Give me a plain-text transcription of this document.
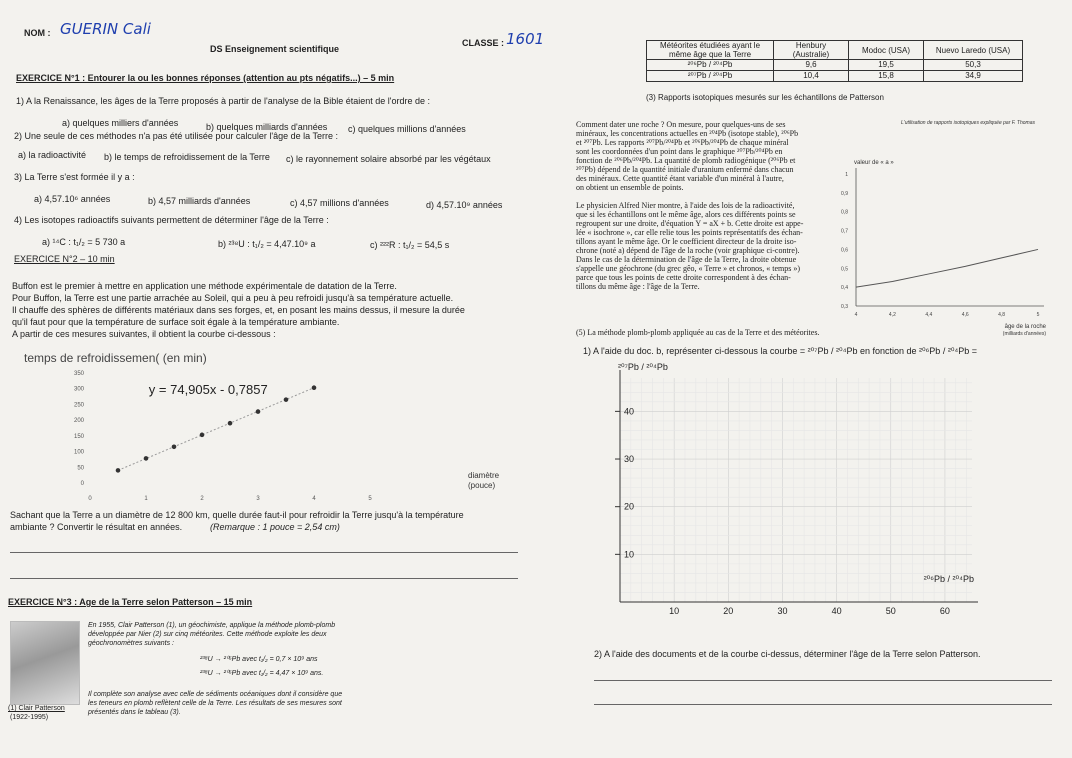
NOM : GUERIN Cali
DS Enseignement scientifique
CLASSE : 1601
EXERCICE N°1 : Entourer la ou les bonnes réponses (attention au pts négatifs...) – 5 min
1) A la Renaissance, les âges de la Terre proposés à partir de l'analyse de la Bible étaient de l'ordre de :
a) quelques milliers d'années	b) quelques milliards d'années c) quelques millions d'années
2) Une seule de ces méthodes n'a pas été utilisée pour calculer l'âge de la Terre :
a) la radioactivité b) le temps de refroidissement de la Terre c) le rayonnement solaire absorbé par les végétaux
3) La Terre s'est formée il y a :
a) 4,57.10⁶ années	b) 4,57 milliards d'années	c) 4,57 millions d'années	d) 4,57.10⁹ années
4) Les isotopes radioactifs suivants permettent de déterminer l'âge de la Terre :
a) ¹⁴C : t₁/₂ = 5 730 a	b) ²³⁸U : t₁/₂ = 4,47.10⁹ a	c) ²²²R : t₁/₂ = 54,5 s
EXERCICE N°2 – 10 min
Buffon est le premier à mettre en application une méthode expérimentale de datation de la Terre.
Pour Buffon, la Terre est une partie arrachée au Soleil, qui a peu à peu refroidi jusqu'à sa température actuelle.
Il chauffe des sphères de différents matériaux dans ses forges, et, en posant les mains dessus, il mesure la durée
qu'il faut pour que la température de surface soit égale à la température ambiante.
A partir de ces mesures suivantes, il obtient la courbe ci-dessous :
temps de refroidissemen( (en min)
0
50
100
150
200
250
300
350
0	1	2	3	4	5
y = 74,905x - 0,7857
diamètre
(pouce)
Sachant que la Terre a un diamètre de 12 800 km, quelle durée faut-il pour refroidir la Terre jusqu'à la température
ambiante ? Convertir le résultat en années.	(Remarque : 1 pouce = 2,54 cm)
EXERCICE N°3 : Age de la Terre selon Patterson – 15 min
(1) Clair Patterson
(1922-1995)
En 1955, Clair Patterson (1), un géochimiste, applique la méthode plomb-plomb
développée par Nier (2) sur cinq météorites. Cette méthode exploite les deux
géochronomètres suivants :
²³⁸U → ²⁰⁶Pb avec t₁/₂ = 0,7 × 10⁹ ans
²³⁸U → ²⁰⁶Pb avec t₁/₂ = 4,47 × 10⁹ ans.
Il complète son analyse avec celle de sédiments océaniques dont il considère que
les teneurs en plomb reflètent celle de la Terre. Les résultats de ses mesures sont
présentés dans le tableau (3).
Météorites étudiées ayant le même âge que la Terre	Henbury (Australie)	Modoc (USA)	Nuevo Laredo (USA)
²⁰⁶Pb / ²⁰⁴Pb	9,6	19,5	50,3
²⁰⁷Pb / ²⁰⁴Pb	10,4	15,8	34,9
(3) Rapports isotopiques mesurés sur les échantillons de Patterson
Comment dater une roche ? On mesure, pour quelques-uns de ses
minéraux, les concentrations actuelles en ²⁰⁴Pb (isotope stable), ²⁰⁶Pb
et ²⁰⁷Pb. Les rapports ²⁰⁷Pb/²⁰⁴Pb et ²⁰⁶Pb/²⁰⁴Pb de chaque minéral
sont les coordonnées d'un point dans le graphique ²⁰⁷Pb/²⁰⁴Pb en
fonction de ²⁰⁶Pb/²⁰⁴Pb. La quantité de plomb radiogénique (²⁰⁶Pb et
²⁰⁷Pb) dépend de la quantité initiale d'uranium enfermé dans chacun
des minéraux. Cette quantité étant variable d'un minéral à l'autre,
on obtient un ensemble de points.
Le physicien Alfred Nier montre, à l'aide des lois de la radioactivité,
que si les échantillons ont le même âge, alors ces différents points se
regroupent sur une droite, d'équation Y = aX + b. Cette droite est appe-
lée « isochrone », car elle relie tous les points représentatifs des échan-
tillons ayant le même âge. Or le coefficient directeur de la droite iso-
chrone (noté a) dépend de l'âge de la roche (voir graphique ci-contre).
Dans le cas de la détermination de l'âge de la Terre, la droite obtenue
s'appelle une géochrone (du grec gêo, « Terre » et chronos, « temps »)
parce que tous les points de cette droite correspondent à des échan-
tillons du même âge : l'âge de la Terre.
L'utilisation de rapports isotopiques expliquée par F. Thomas
valeur de « a »
0,3
0,4
0,5
0,6
0,7
0,8
0,9
1
4	4,2	4,4	4,6	4,8	5
âge de la roche
(milliards d'années)
(5) La méthode plomb-plomb appliquée au cas de la Terre et des météorites.
1) A l'aide du doc. b, représenter ci-dessous la courbe = ²⁰⁷Pb / ²⁰⁴Pb en fonction de ²⁰⁶Pb / ²⁰⁴Pb =
10
20
30
40
10	20	30	40	50	60
²⁰⁷Pb / ²⁰⁴Pb
²⁰⁶Pb / ²⁰⁴Pb
2) A l'aide des documents et de la courbe ci-dessus, déterminer l'âge de la Terre selon Patterson.
